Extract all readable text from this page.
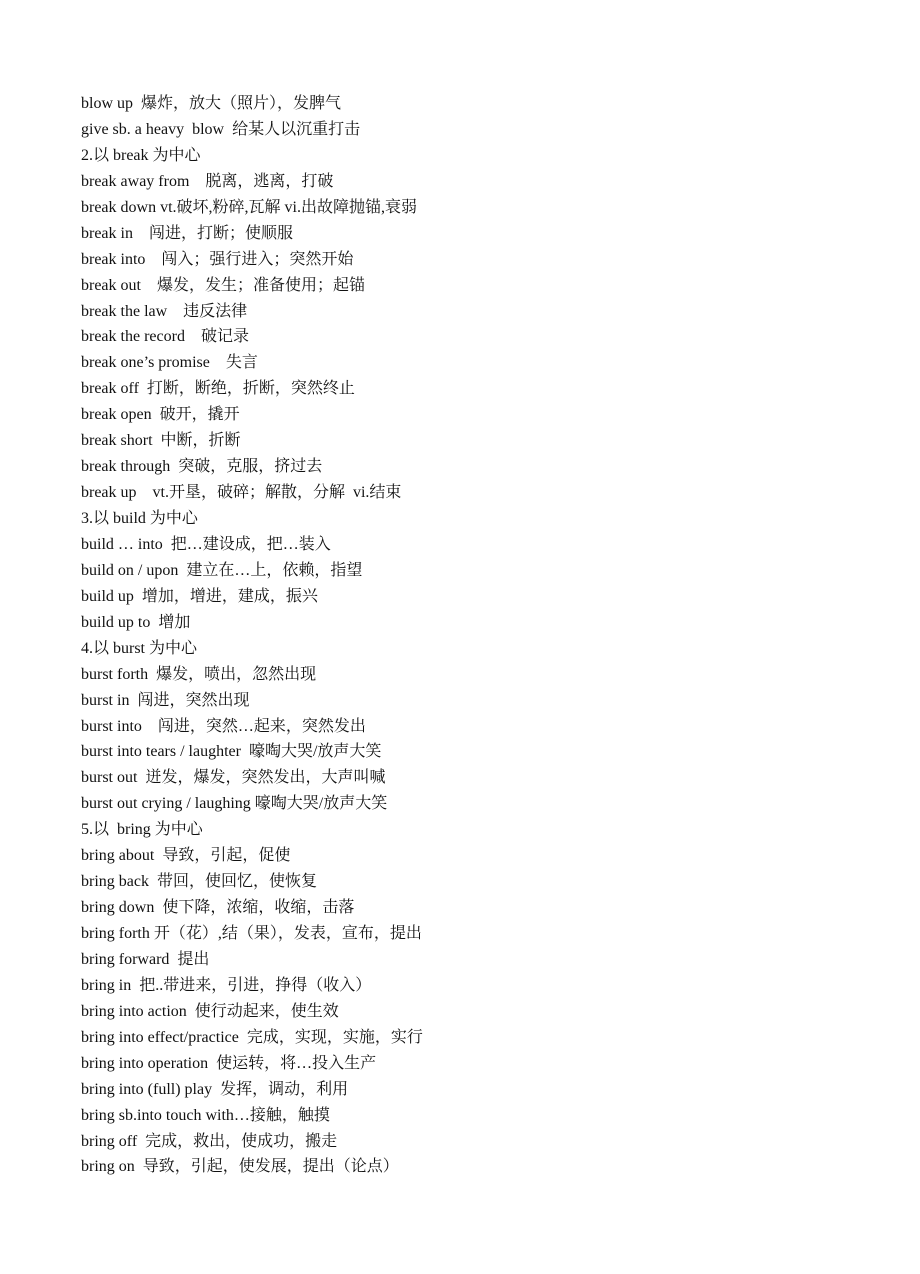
blow up  爆炸，放大（照片），发脾气
give sb. a heavy  blow  给某人以沉重打击
2.以 break 为中心
break away from    脱离，逃离，打破
break down vt.破坏,粉碎,瓦解 vi.出故障抛锚,衰弱
break in    闯进，打断；使顺服
break into    闯入；强行进入；突然开始
break out    爆发，发生；准备使用；起锚
break the law    违反法律
break the record    破记录
break one’s promise    失言
break off  打断，断绝，折断，突然终止
break open  破开，撬开
break short  中断，折断
break through  突破，克服，挤过去
break up    vt.开垦，破碎；解散，分解  vi.结束
3.以 build 为中心
build … into  把…建设成，把…装入
build on / upon  建立在…上，依赖，指望
build up  增加，增进，建成，振兴
build up to  增加
4.以 burst 为中心
burst forth  爆发，喷出，忽然出现
burst in  闯进，突然出现
burst into    闯进，突然…起来，突然发出
burst into tears / laughter  嚎啕大哭/放声大笑
burst out  迸发，爆发，突然发出，大声叫喊
burst out crying / laughing 嚎啕大哭/放声大笑
5.以  bring 为中心
bring about  导致，引起，促使
bring back  带回，使回忆，使恢复
bring down  使下降，浓缩，收缩，击落
bring forth 开（花）,结（果），发表，宣布，提出
bring forward  提出
bring in  把..带进来，引进，挣得（收入）
bring into action  使行动起来，使生效
bring into effect/practice  完成，实现，实施，实行
bring into operation  使运转，将…投入生产
bring into (full) play  发挥，调动，利用
bring sb.into touch with…接触，触摸
bring off  完成，救出，使成功，搬走
bring on  导致，引起，使发展，提出（论点）
